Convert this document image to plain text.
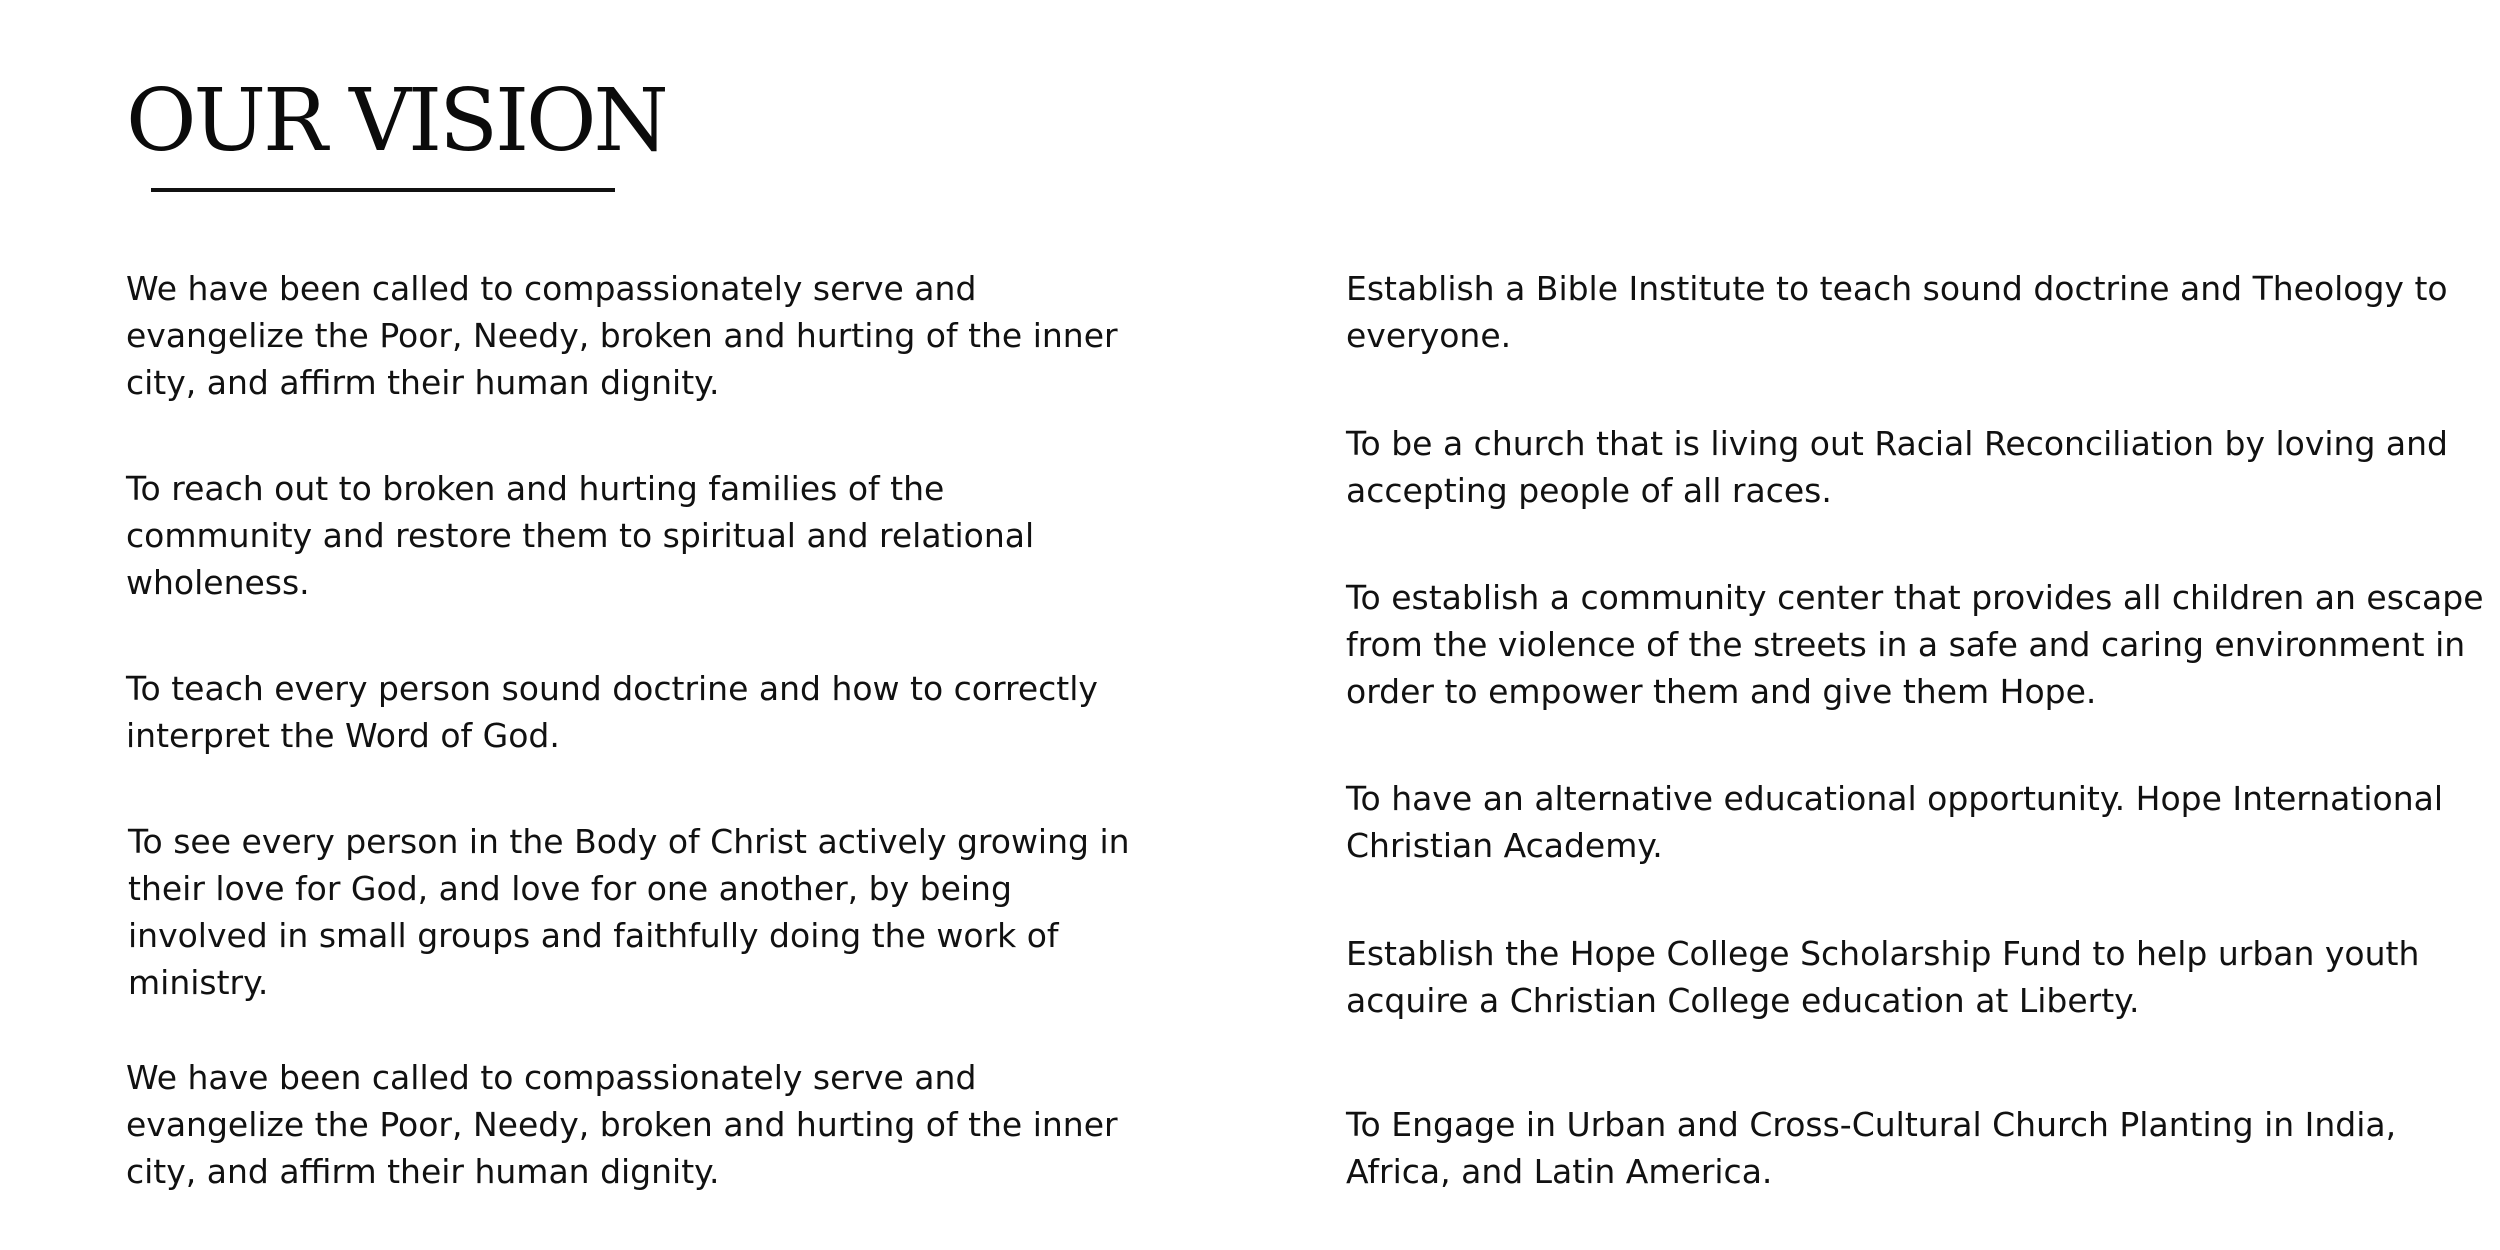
OUR VISION

We have been called to compassionately serve and evangelize the Poor, Needy, broken and hurting of the inner city, and affirm their human dignity.

To reach out to broken and hurting families of the community and restore them to spiritual and relational wholeness.

To teach every person sound doctrine and how to correctly interpret the Word of God.

To see every person in the Body of Christ actively growing in their love for God, and love for one another, by being involved in small groups and faithfully doing the work of ministry.

We have been called to compassionately serve and evangelize the Poor, Needy, broken and hurting of the inner city, and affirm their human dignity.

Establish a Bible Institute to teach sound doctrine and Theology to everyone.

To be a church that is living out Racial Reconciliation by loving and accepting people of all races.

To establish a community center that provides all children an escape from the violence of the streets in a safe and caring environment in order to empower them and give them Hope.

To have an alternative educational opportunity. Hope International Christian Academy.

Establish the Hope College Scholarship Fund to help urban youth acquire a Christian College education at Liberty.

To Engage in Urban and Cross-Cultural Church Planting in India, Africa, and Latin America.
